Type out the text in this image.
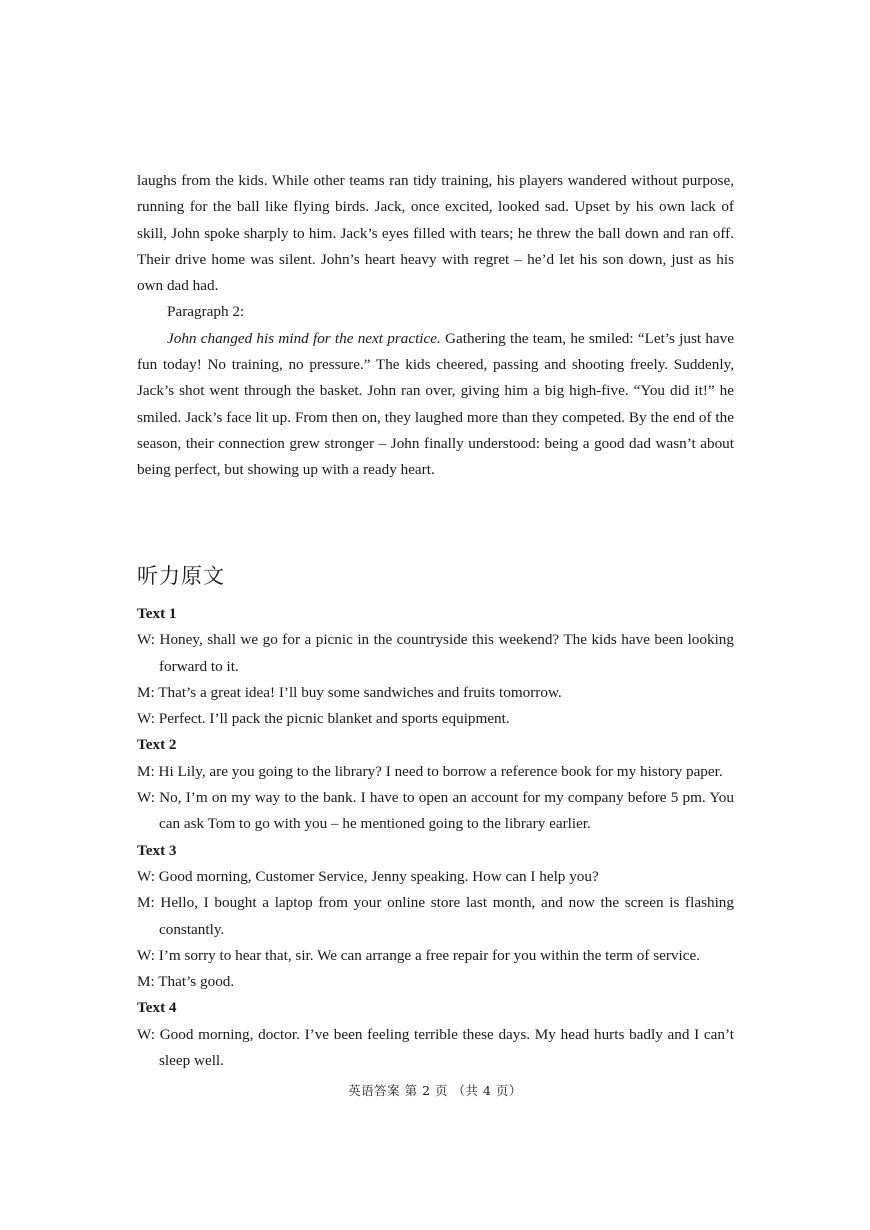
laughs from the kids. While other teams ran tidy training, his players wandered without purpose, running for the ball like flying birds. Jack, once excited, looked sad. Upset by his own lack of skill, John spoke sharply to him. Jack’s eyes filled with tears; he threw the ball down and ran off. Their drive home was silent. John’s heart heavy with regret – he’d let his son down, just as his own dad had.

Paragraph 2:

John changed his mind for the next practice. Gathering the team, he smiled: “Let’s just have fun today! No training, no pressure.” The kids cheered, passing and shooting freely. Suddenly, Jack’s shot went through the basket. John ran over, giving him a big high-five. “You did it!” he smiled. Jack’s face lit up. From then on, they laughed more than they competed. By the end of the season, their connection grew stronger – John finally understood: being a good dad wasn’t about being perfect, but showing up with a ready heart.

听力原文

Text 1

W: Honey, shall we go for a picnic in the countryside this weekend? The kids have been looking forward to it.

M: That’s a great idea! I’ll buy some sandwiches and fruits tomorrow.

W: Perfect. I’ll pack the picnic blanket and sports equipment.

Text 2

M: Hi Lily, are you going to the library? I need to borrow a reference book for my history paper.

W: No, I’m on my way to the bank. I have to open an account for my company before 5 pm. You can ask Tom to go with you – he mentioned going to the library earlier.

Text 3

W: Good morning, Customer Service, Jenny speaking. How can I help you?

M: Hello, I bought a laptop from your online store last month, and now the screen is flashing constantly.

W: I’m sorry to hear that, sir. We can arrange a free repair for you within the term of service.

M: That’s good.

Text 4

W: Good morning, doctor. I’ve been feeling terrible these days. My head hurts badly and I can’t sleep well.

英语答案 第 2 页 （共 4 页）
